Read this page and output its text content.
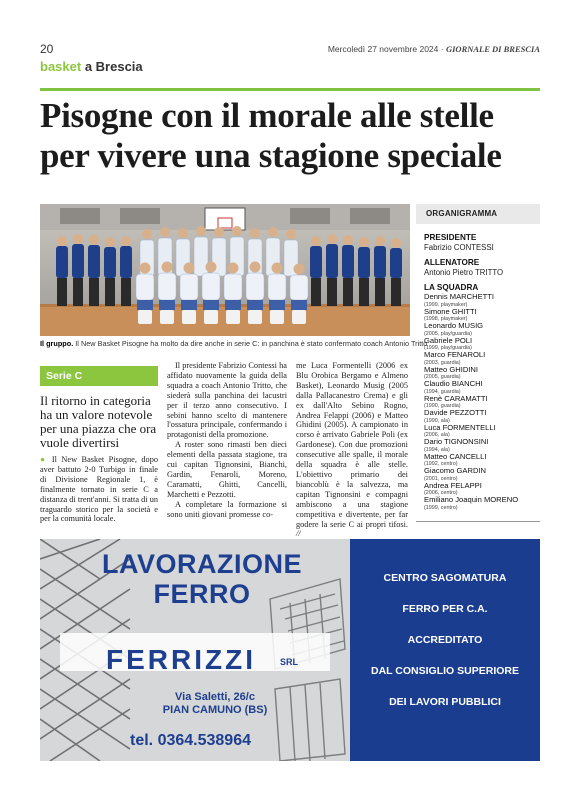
20	Mercoledì 27 novembre 2024 · GIORNALE DI BRESCIA
basket a Brescia
Pisogne con il morale alle stelle
per vivere una stagione speciale
Il gruppo. Il New Basket Pisogne ha molto da dire anche in serie C: in panchina è stato confermato coach Antonio Tritto
Serie C
Il ritorno in categoria ha un valore notevole per una piazza che ora vuole divertirsi
● Il New Basket Pisogne, dopo aver battuto 2-0 Turbigo in finale di Divisione Regionale 1, è finalmente tornato in serie C a distanza di trent'anni. Si tratta di un traguardo storico per la società e per la comunità locale.

Il presidente Fabrizio Contessi ha affidato nuovamente la guida della squadra a coach Antonio Tritto, che siederà sulla panchina dei lacustri per il terzo anno consecutivo. I sebini hanno scelto di mantenere l'ossatura principale, confermando i protagonisti della promozione.

A roster sono rimasti ben dieci elementi della passata stagione, tra cui capitan Tignonsini, Bianchi, Gardin, Fenaroli, Moreno, Caramatti, Ghitti, Cancelli, Marchetti e Pezzotti.

A completare la formazione si sono uniti giovani promesse co-

me Luca Formentelli (2006 ex Blu Orobica Bergamo e Almeno Basket), Leonardo Musig (2005 dalla Pallacanestro Crema) e gli ex dall'Alto Sebino Rogno, Andrea Felappi (2006) e Matteo Ghidini (2005). A campionato in corso è arrivato Gabriele Poli (ex Gardonese). Con due promozioni consecutive alle spalle, il morale della squadra è alle stelle. L'obiettivo primario dei biancoblù è la salvezza, ma capitan Tignonsini e compagni ambiscono a una stagione competitiva e divertente, per far godere la serie C ai propri tifosi. //
ORGANIGRAMMA
PRESIDENTE
Fabrizio CONTESSI
ALLENATORE
Antonio Pietro TRITTO
LA SQUADRA
Dennis MARCHETTI
(1999, playmaker)
Simone GHITTI
(1998, playmaker)
Leonardo MUSIG
(2005, play/guardia)
Gabriele POLI
(1999, play/guardia)
Marco FENAROLI
(2003, guardia)
Matteo GHIDINI
(2005, guardia)
Claudio BIANCHI
(1994, guardia)
Renè CARAMATTI
(1990, guardia)
Davide PEZZOTTI
(1990, ala)
Luca FORMENTELLI
(2006, ala)
Dario TIGNONSINI
(1994, ala)
Matteo CANCELLI
(1992, centro)
Giacomo GARDIN
(2001, centro)
Andrea FELAPPI
(2006, centro)
Emiliano Joaquin MORENO
(1999, centro)
LAVORAZIONE
FERRO
FERRIZZI	SRL
Via Saletti, 26/c
PIAN CAMUNO (BS)
tel. 0364.538964
CENTRO SAGOMATURA
FERRO PER C.A.
ACCREDITATO
DAL CONSIGLIO SUPERIORE
DEI LAVORI PUBBLICI
